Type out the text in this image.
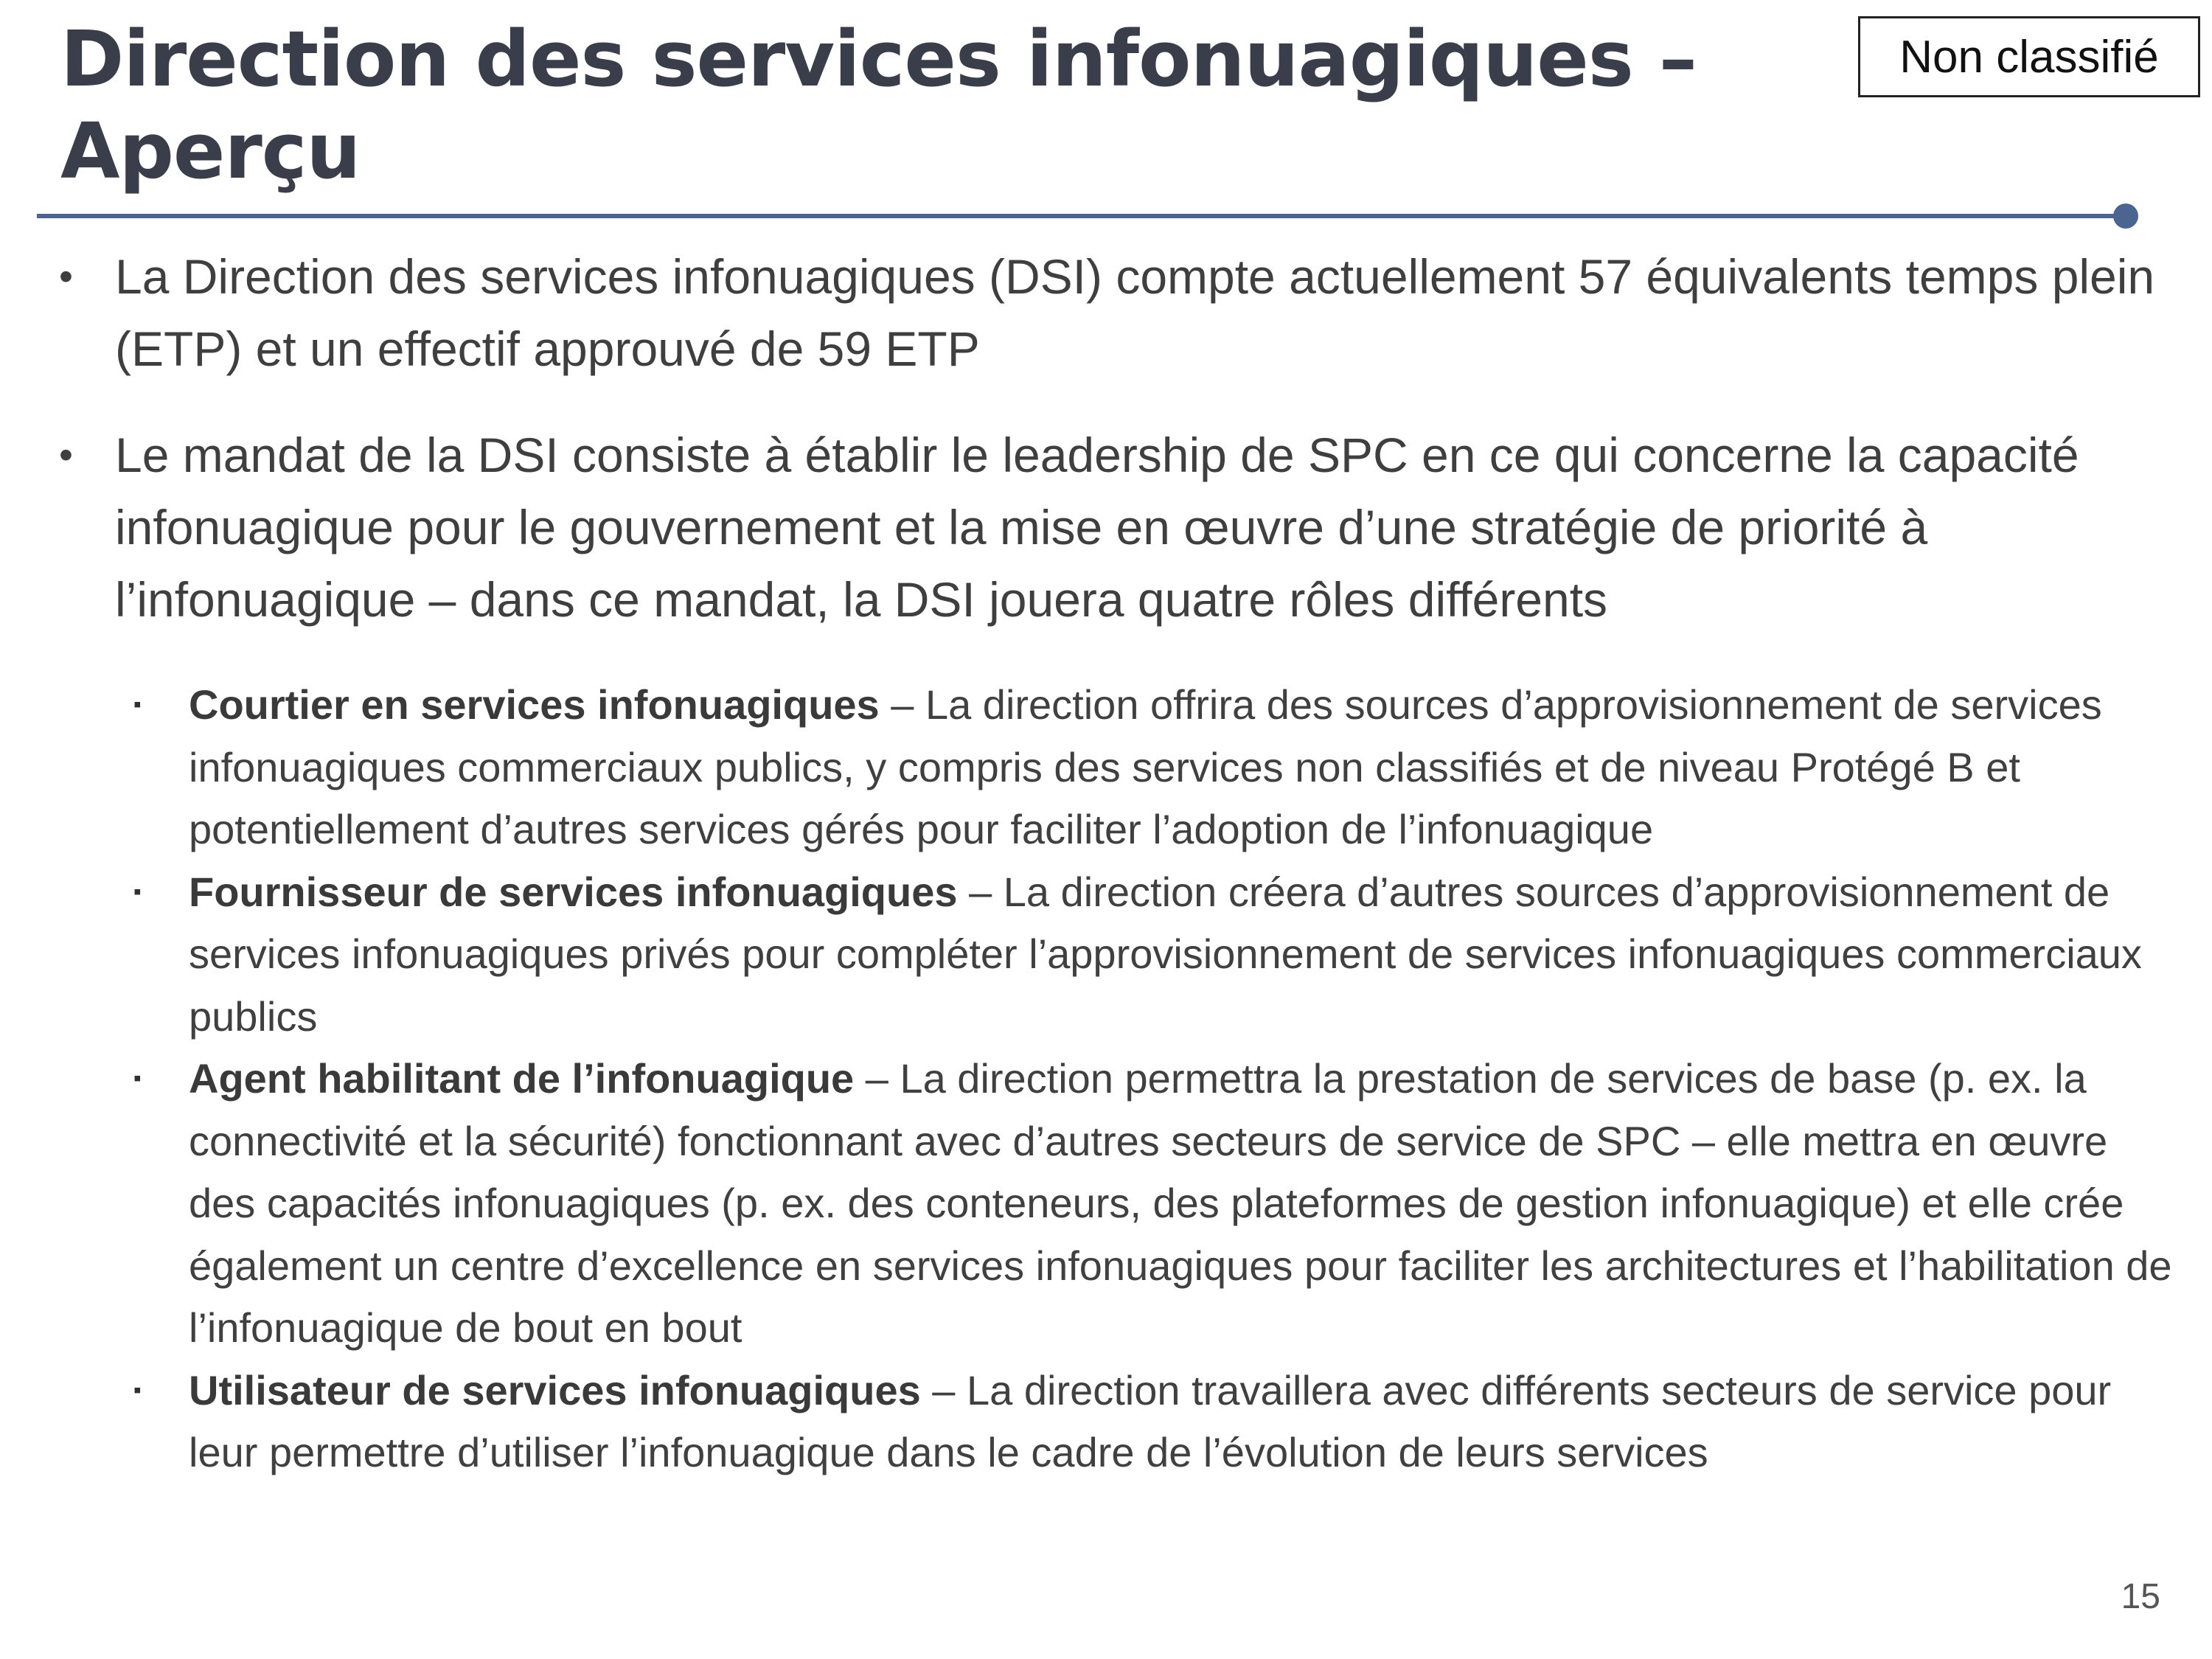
Direction des services infonuagiques – Aperçu
Non classifié
• La Direction des services infonuagiques (DSI) compte actuellement 57 équivalents temps plein (ETP) et un effectif approuvé de 59 ETP
• Le mandat de la DSI consiste à établir le leadership de SPC en ce qui concerne la capacité infonuagique pour le gouvernement et la mise en œuvre d’une stratégie de priorité à l’infonuagique – dans ce mandat, la DSI jouera quatre rôles différents
▪ Courtier en services infonuagiques – La direction offrira des sources d’approvisionnement de services infonuagiques commerciaux publics, y compris des services non classifiés et de niveau Protégé B et potentiellement d’autres services gérés pour faciliter l’adoption de l’infonuagique
▪ Fournisseur de services infonuagiques – La direction créera d’autres sources d’approvisionnement de services infonuagiques privés pour compléter l’approvisionnement de services infonuagiques commerciaux publics
▪ Agent habilitant de l’infonuagique – La direction permettra la prestation de services de base (p. ex. la connectivité et la sécurité) fonctionnant avec d’autres secteurs de service de SPC – elle mettra en œuvre des capacités infonuagiques (p. ex. des conteneurs, des plateformes de gestion infonuagique) et elle crée également un centre d’excellence en services infonuagiques pour faciliter les architectures et l’habilitation de l’infonuagique de bout en bout
▪ Utilisateur de services infonuagiques – La direction travaillera avec différents secteurs de service pour leur permettre d’utiliser l’infonuagique dans le cadre de l’évolution de leurs services
15
